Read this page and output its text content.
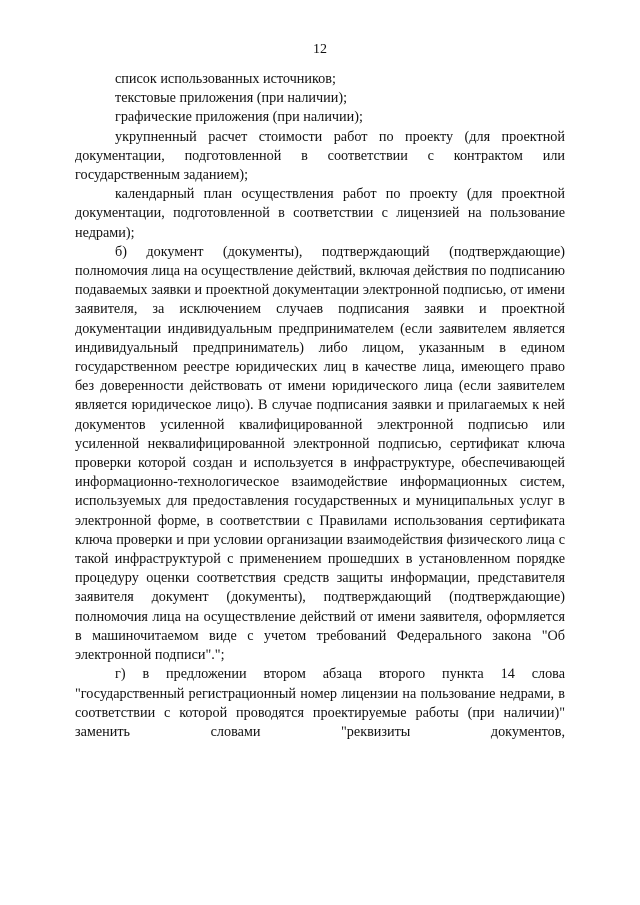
12

список использованных источников;

текстовые приложения (при наличии);

графические приложения (при наличии);

укрупненный расчет стоимости работ по проекту (для проектной документации, подготовленной в соответствии с контрактом или государственным заданием);

календарный план осуществления работ по проекту (для проектной документации, подготовленной в соответствии с лицензией на пользование недрами);

б) документ (документы), подтверждающий (подтверждающие) полномочия лица на осуществление действий, включая действия по подписанию подаваемых заявки и проектной документации электронной подписью, от имени заявителя, за исключением случаев подписания заявки и проектной документации индивидуальным предпринимателем (если заявителем является индивидуальный предприниматель) либо лицом, указанным в едином государственном реестре юридических лиц в качестве лица, имеющего право без доверенности действовать от имени юридического лица (если заявителем является юридическое лицо). В случае подписания заявки и прилагаемых к ней документов усиленной квалифицированной электронной подписью или усиленной неквалифицированной электронной подписью, сертификат ключа проверки которой создан и используется в инфраструктуре, обеспечивающей информационно-технологическое взаимодействие информационных систем, используемых для предоставления государственных и муниципальных услуг в электронной форме, в соответствии с Правилами использования сертификата ключа проверки и при условии организации взаимодействия физического лица с такой инфраструктурой с применением прошедших в установленном порядке процедуру оценки соответствия средств защиты информации, представителя заявителя документ (документы), подтверждающий (подтверждающие) полномочия лица на осуществление действий от имени заявителя, оформляется в машиночитаемом виде с учетом требований Федерального закона "Об электронной подписи".";

г) в предложении втором абзаца второго пункта 14 слова "государственный регистрационный номер лицензии на пользование недрами, в соответствии с которой проводятся проектируемые работы (при наличии)" заменить словами "реквизиты документов,
